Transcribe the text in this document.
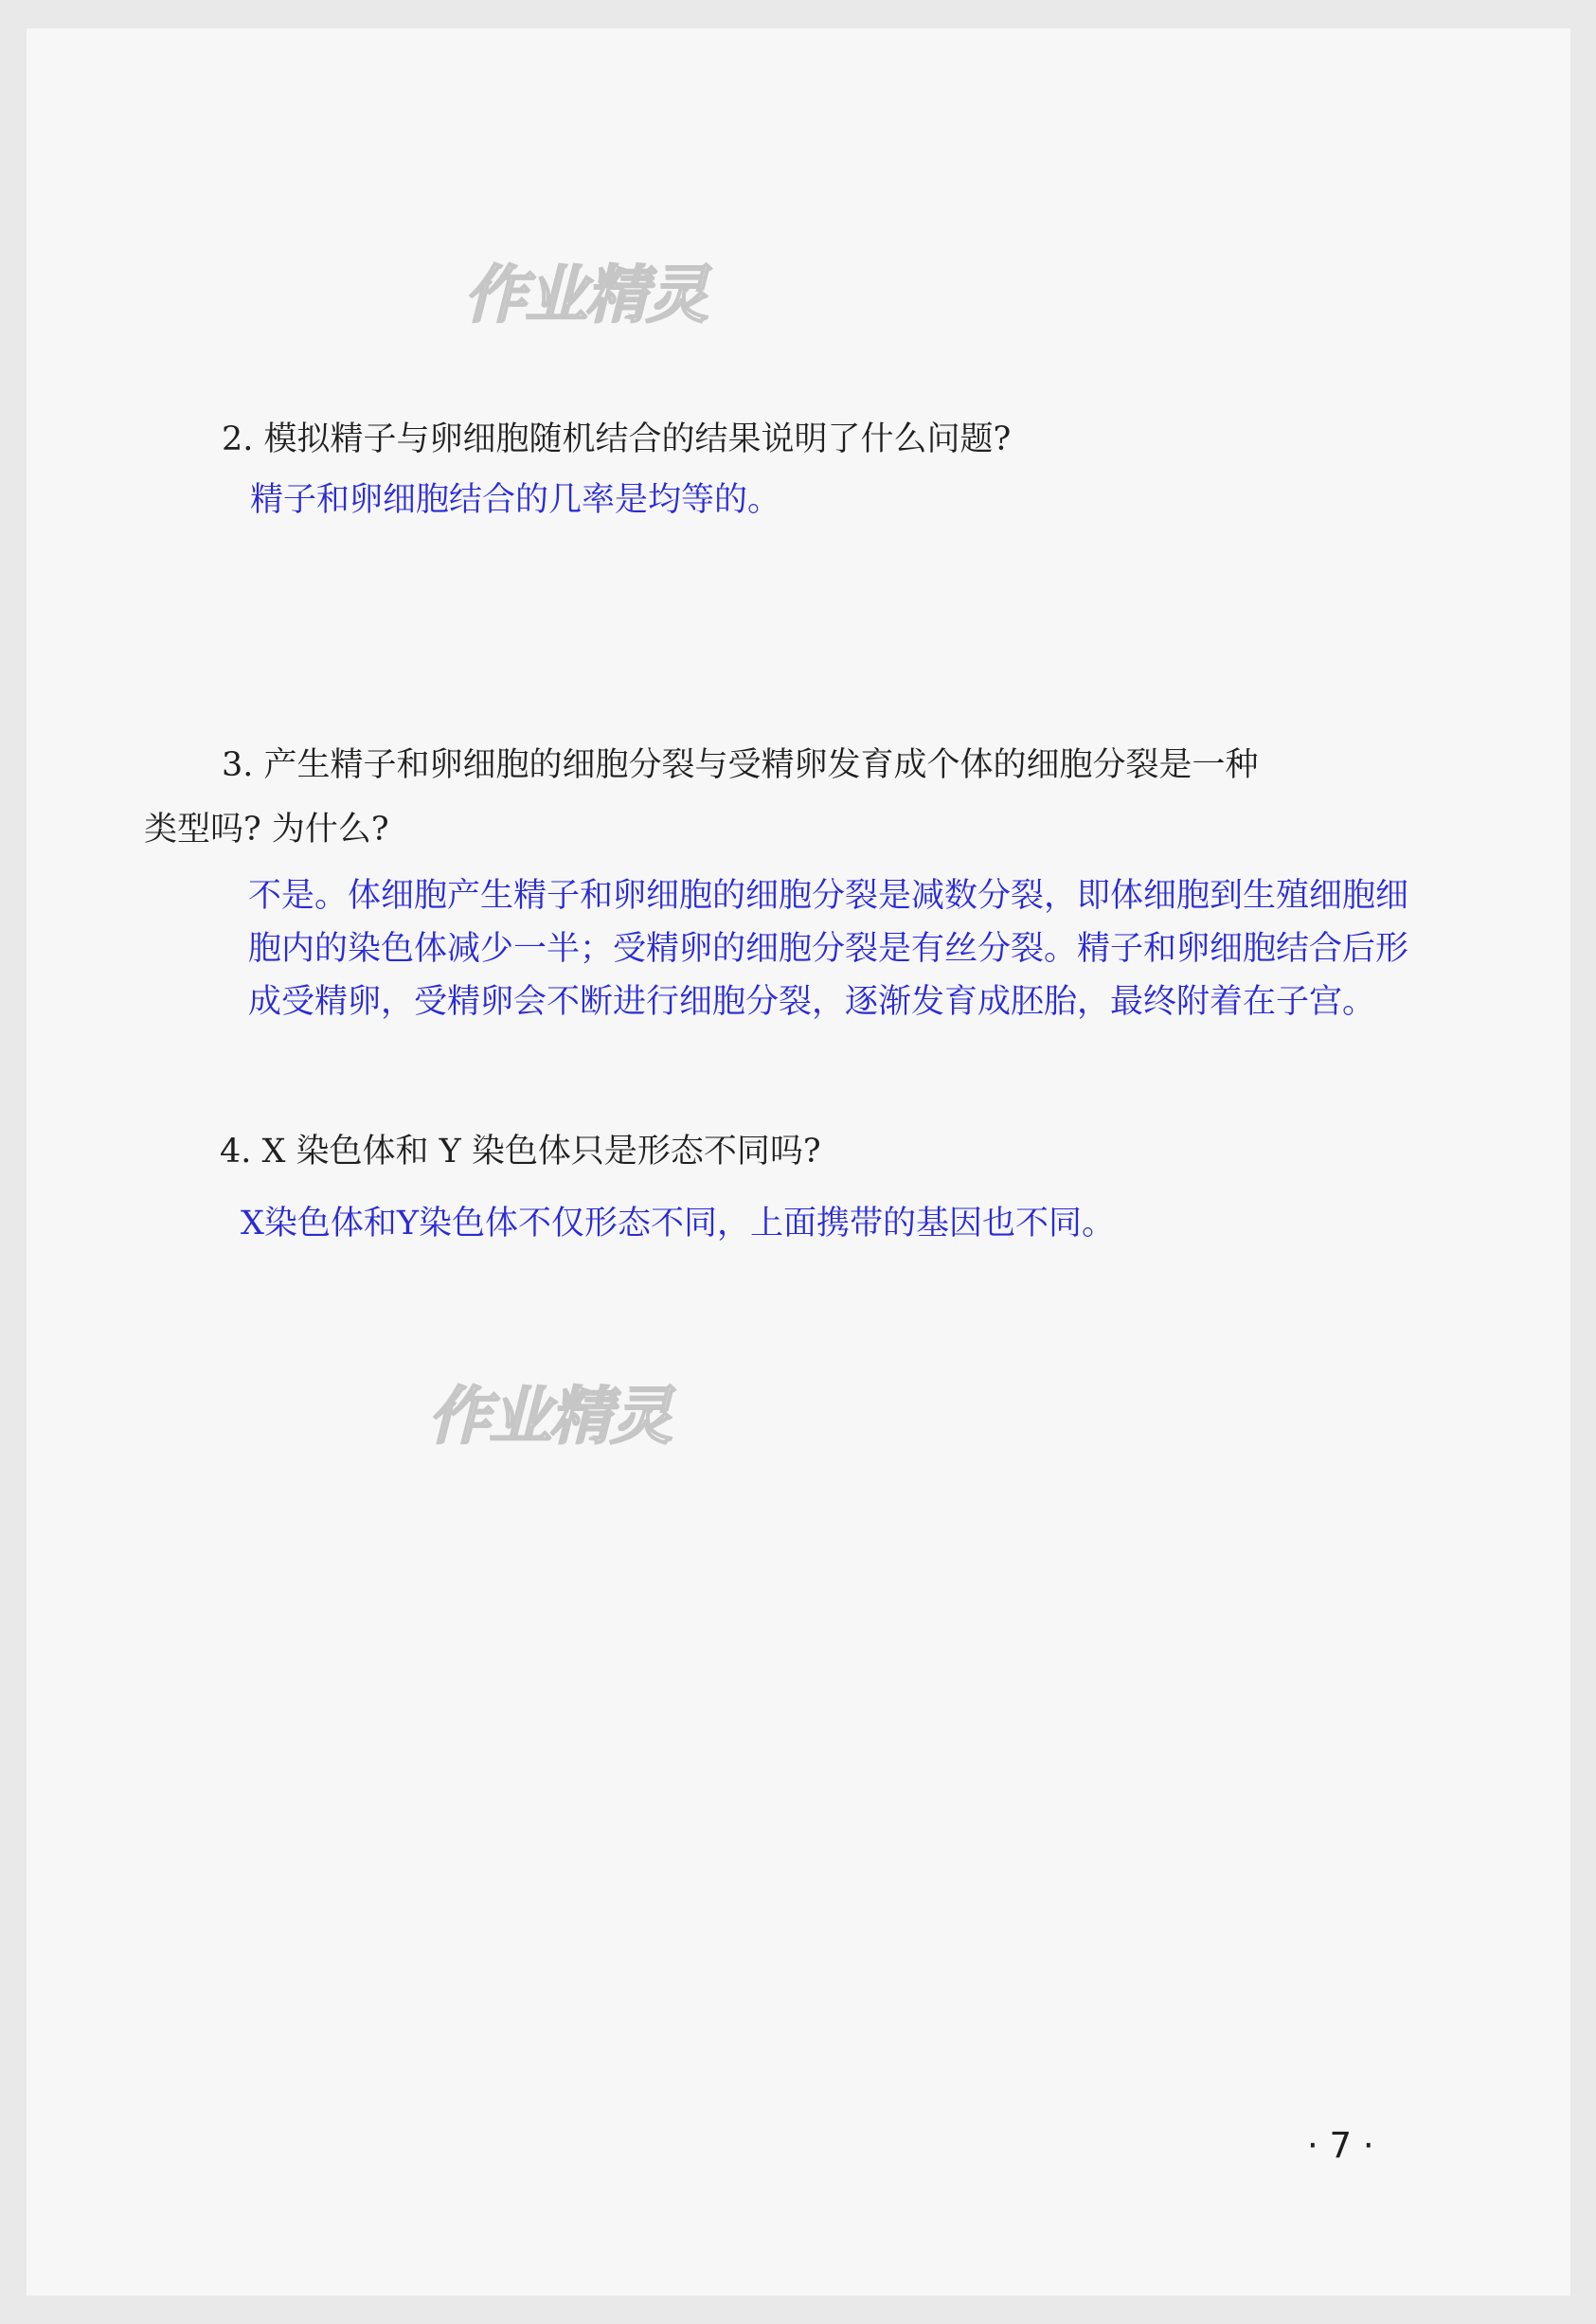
作业精灵
作业精灵
2. 模拟精子与卵细胞随机结合的结果说明了什么问题?
精子和卵细胞结合的几率是均等的。
3. 产生精子和卵细胞的细胞分裂与受精卵发育成个体的细胞分裂是一种
类型吗? 为什么?
不是。体细胞产生精子和卵细胞的细胞分裂是减数分裂，即体细胞到生殖细胞细
胞内的染色体减少一半；受精卵的细胞分裂是有丝分裂。精子和卵细胞结合后形
成受精卵，受精卵会不断进行细胞分裂，逐渐发育成胚胎，最终附着在子宫。
4. X 染色体和 Y 染色体只是形态不同吗?
X染色体和Y染色体不仅形态不同，上面携带的基因也不同。
· 7 ·
